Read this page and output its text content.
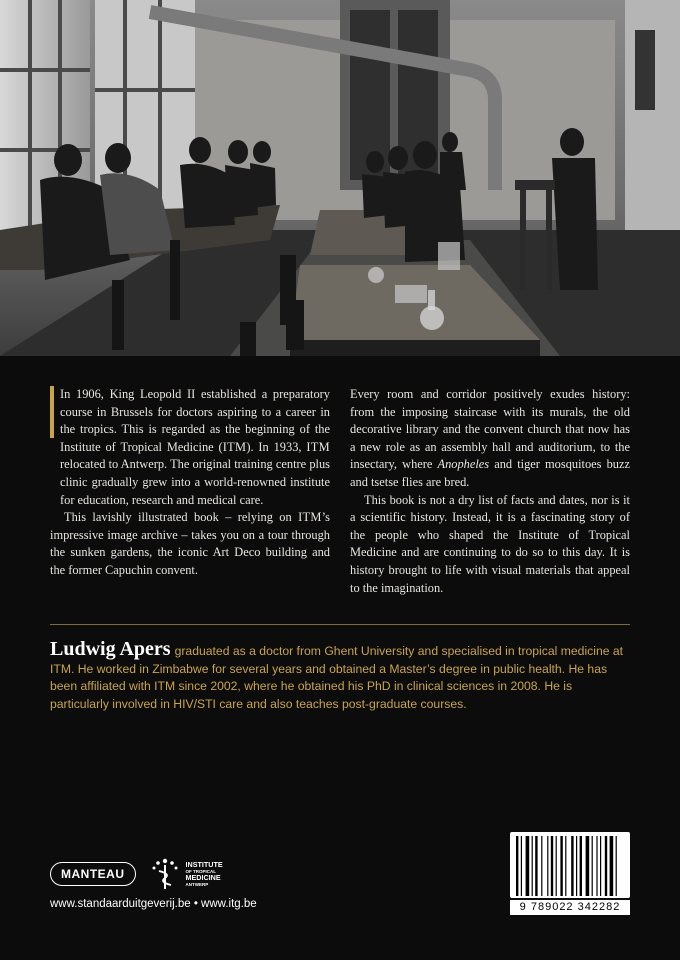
In 1906, King Leopold II established a preparatory course in Brussels for doctors aspiring to a career in the tropics. This is regarded as the beginning of the Institute of Tropical Medicine (ITM). In 1933, ITM relocated to Antwerp. The original training centre plus clinic gradually grew into a world-renowned institute for education, research and medical care.

This lavishly illustrated book – relying on ITM’s impressive image archive – takes you on a tour through the sunken gardens, the iconic Art Deco building and the former Capuchin convent.

Every room and corridor positively exudes history: from the imposing staircase with its murals, the old decorative library and the convent church that now has a new role as an assembly hall and auditorium, to the insectary, where Anopheles and tiger mosquitoes buzz and tsetse flies are bred.

This book is not a dry list of facts and dates, nor is it a scientific history. Instead, it is a fascinating story of the people who shaped the Institute of Tropical Medicine and are continuing to do so to this day. It is history brought to life with visual materials that appeal to the imagination.

Ludwig Apers graduated as a doctor from Ghent University and specialised in tropical medicine at ITM. He worked in Zimbabwe for several years and obtained a Master’s degree in public health. He has been affiliated with ITM since 2002, where he obtained his PhD in clinical sciences in 2008. He is particularly involved in HIV/STI care and also teaches post-graduate courses.
MANTEAU
INSTITUTE
OF TROPICAL
MEDICINE
ANTWERP
www.standaarduitgeverij.be • www.itg.be	9 789022 342282
